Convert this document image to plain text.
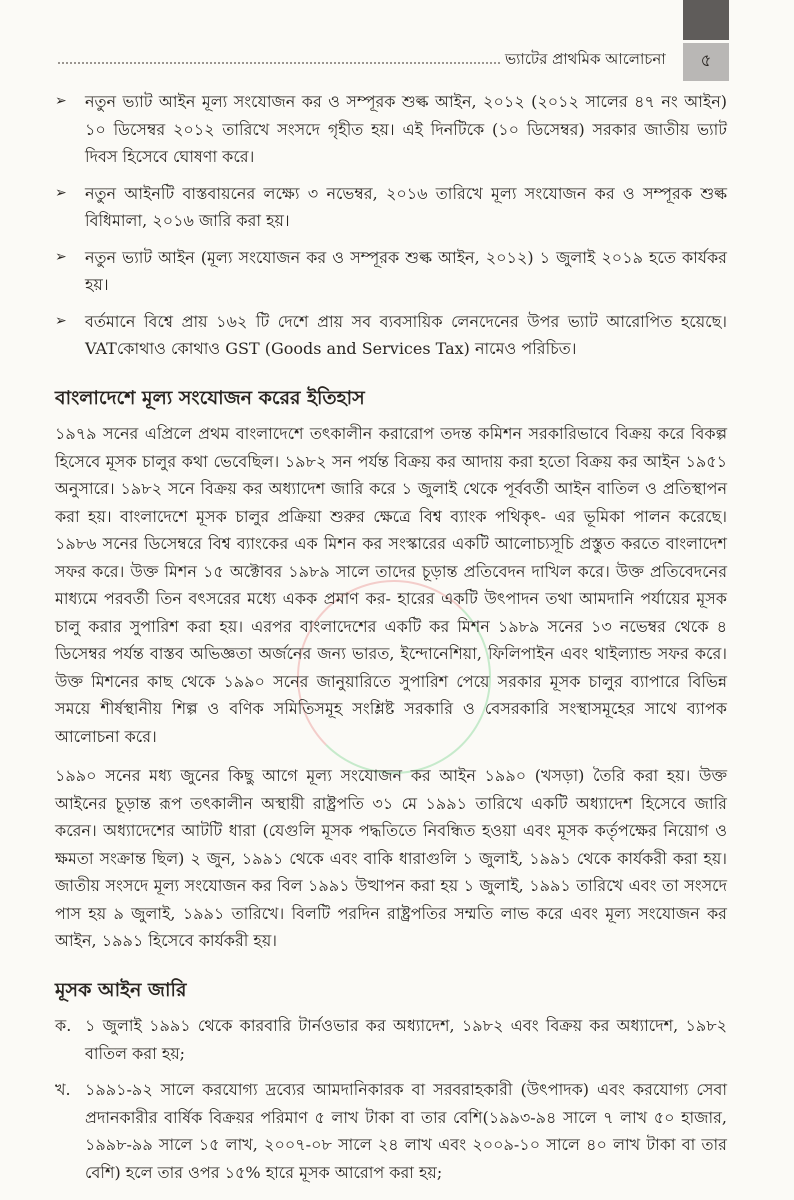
৫
ভ্যাটের প্রাথমিক আলোচনা
➢	নতুন ভ্যাট আইন মূল্য সংযোজন কর ও সম্পূরক শুল্ক আইন, ২০১২ (২০১২ সালের ৪৭ নং আইন) ১০ ডিসেম্বর ২০১২ তারিখে সংসদে গৃহীত হয়। এই দিনটিকে (১০ ডিসেম্বর) সরকার জাতীয় ভ্যাট দিবস হিসেবে ঘোষণা করে।
➢	নতুন আইনটি বাস্তবায়নের লক্ষ্যে ৩ নভেম্বর, ২০১৬ তারিখে মূল্য সংযোজন কর ও সম্পূরক শুল্ক বিধিমালা, ২০১৬ জারি করা হয়।
➢	নতুন ভ্যাট আইন (মূল্য সংযোজন কর ও সম্পূরক শুল্ক আইন, ২০১২) ১ জুলাই ২০১৯ হতে কার্যকর হয়।
➢	বর্তমানে বিশ্বে প্রায় ১৬২ টি দেশে প্রায় সব ব্যবসায়িক লেনদেনের উপর ভ্যাট আরোপিত হয়েছে। VATকোথাও কোথাও GST (Goods and Services Tax) নামেও পরিচিত।
বাংলাদেশে মূল্য সংযোজন করের ইতিহাস

১৯৭৯ সনের এপ্রিলে প্রথম বাংলাদেশে তৎকালীন করারোপ তদন্ত কমিশন সরকারিভাবে বিক্রয় করে বিকল্প হিসেবে মূসক চালুর কথা ভেবেছিল। ১৯৮২ সন পর্যন্ত বিক্রয় কর আদায় করা হতো বিক্রয় কর আইন ১৯৫১ অনুসারে। ১৯৮২ সনে বিক্রয় কর অধ্যাদেশ জারি করে ১ জুলাই থেকে পূর্ববর্তী আইন বাতিল ও প্রতিস্থাপন করা হয়। বাংলাদেশে মূসক চালুর প্রক্রিয়া শুরুর ক্ষেত্রে বিশ্ব ব্যাংক পথিকৃৎ- এর ভূমিকা পালন করেছে। ১৯৮৬ সনের ডিসেম্বরে বিশ্ব ব্যাংকের এক মিশন কর সংস্কারের একটি আলোচ্যসূচি প্রস্তুত করতে বাংলাদেশ সফর করে। উক্ত মিশন ১৫ অক্টোবর ১৯৮৯ সালে তাদের চূড়ান্ত প্রতিবেদন দাখিল করে। উক্ত প্রতিবেদনের মাধ্যমে পরবর্তী তিন বৎসরের মধ্যে একক প্রমাণ কর- হারের একটি উৎপাদন তথা আমদানি পর্যায়ের মূসক চালু করার সুপারিশ করা হয়। এরপর বাংলাদেশের একটি কর মিশন ১৯৮৯ সনের ১৩ নভেম্বর থেকে ৪ ডিসেম্বর পর্যন্ত বাস্তব অভিজ্ঞতা অর্জনের জন্য ভারত, ইন্দোনেশিয়া, ফিলিপাইন এবং থাইল্যান্ড সফর করে। উক্ত মিশনের কাছ থেকে ১৯৯০ সনের জানুয়ারিতে সুপারিশ পেয়ে সরকার মূসক চালুর ব্যাপারে বিভিন্ন সময়ে শীর্ষস্থানীয় শিল্প ও বণিক সমিতিসমূহ সংশ্লিষ্ট সরকারি ও বেসরকারি সংস্থাসমূহের সাথে ব্যাপক আলোচনা করে।

১৯৯০ সনের মধ্য জুনের কিছু আগে মূল্য সংযোজন কর আইন ১৯৯০ (খসড়া) তৈরি করা হয়। উক্ত আইনের চূড়ান্ত রূপ তৎকালীন অস্থায়ী রাষ্ট্রপতি ৩১ মে ১৯৯১ তারিখে একটি অধ্যাদেশ হিসেবে জারি করেন। অধ্যাদেশের আটটি ধারা (যেগুলি মূসক পদ্ধতিতে নিবন্ধিত হওয়া এবং মূসক কর্তৃপক্ষের নিয়োগ ও ক্ষমতা সংক্রান্ত ছিল) ২ জুন, ১৯৯১ থেকে এবং বাকি ধারাগুলি ১ জুলাই, ১৯৯১ থেকে কার্যকরী করা হয়। জাতীয় সংসদে মূল্য সংযোজন কর বিল ১৯৯১ উত্থাপন করা হয় ১ জুলাই, ১৯৯১ তারিখে এবং তা সংসদে পাস হয় ৯ জুলাই, ১৯৯১ তারিখে। বিলটি পরদিন রাষ্ট্রপতির সম্মতি লাভ করে এবং মূল্য সংযোজন কর আইন, ১৯৯১ হিসেবে কার্যকরী হয়।

মূসক আইন জারি
ক. ১ জুলাই ১৯৯১ থেকে কারবারি টার্নওভার কর অধ্যাদেশ, ১৯৮২ এবং বিক্রয় কর অধ্যাদেশ, ১৯৮২ বাতিল করা হয়;
খ. ১৯৯১-৯২ সালে করযোগ্য দ্রব্যের আমদানিকারক বা সরবরাহকারী (উৎপাদক) এবং করযোগ্য সেবা প্রদানকারীর বার্ষিক বিক্রয়র পরিমাণ ৫ লাখ টাকা বা তার বেশি(১৯৯৩-৯৪ সালে ৭ লাখ ৫০ হাজার, ১৯৯৮-৯৯ সালে ১৫ লাখ, ২০০৭-০৮ সালে ২৪ লাখ এবং ২০০৯-১০ সালে ৪০ লাখ টাকা বা তার বেশি) হলে তার ওপর ১৫% হারে মূসক আরোপ করা হয়;
